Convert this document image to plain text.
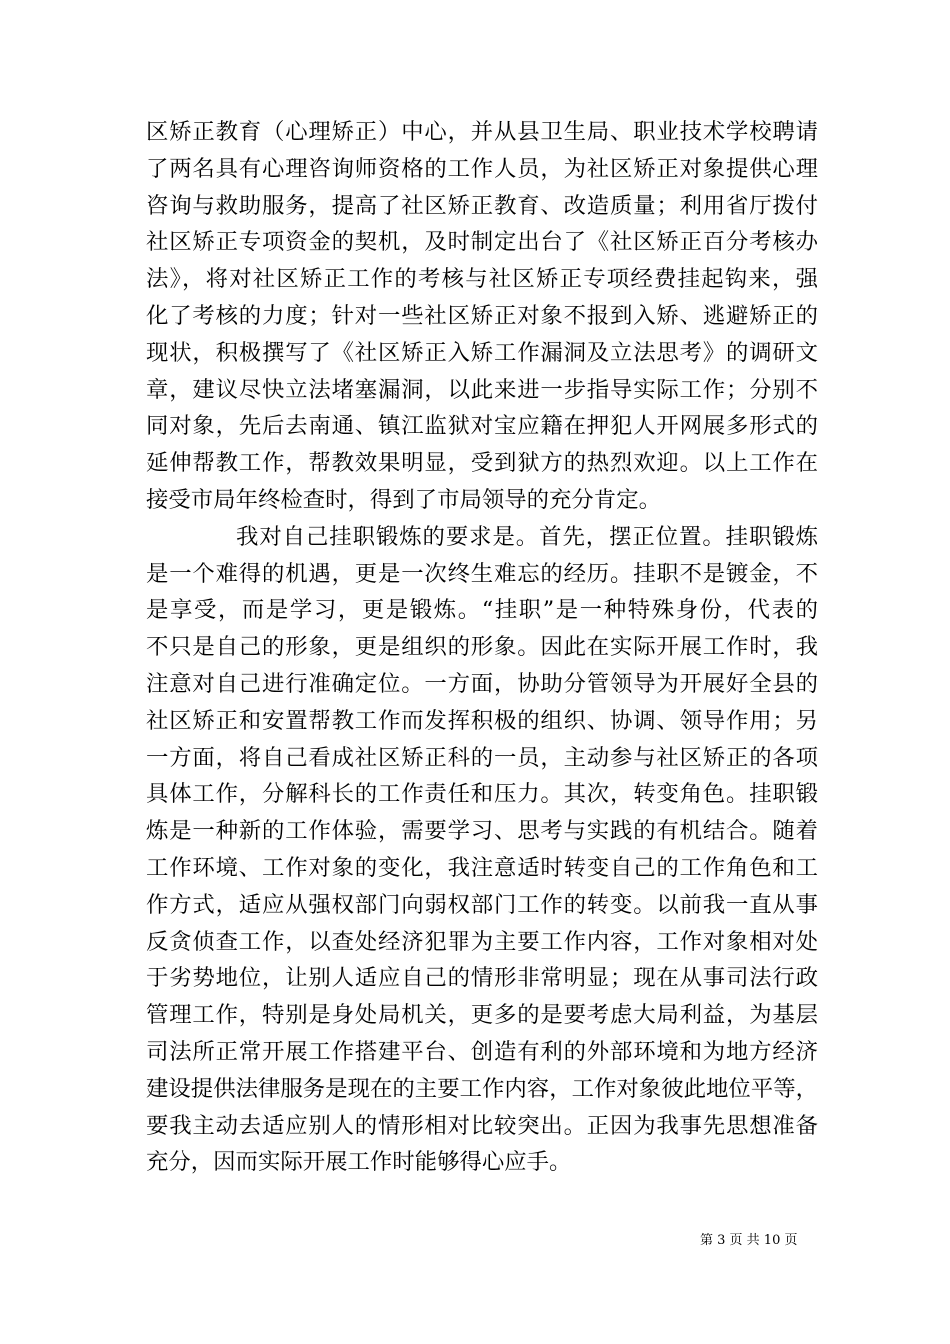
区矫正教育（心理矫正）中心，并从县卫生局、职业技术学校聘请
了两名具有心理咨询师资格的工作人员，为社区矫正对象提供心理
咨询与救助服务，提高了社区矫正教育、改造质量；利用省厅拨付
社区矫正专项资金的契机，及时制定出台了《社区矫正百分考核办
法》，将对社区矫正工作的考核与社区矫正专项经费挂起钩来，强
化了考核的力度；针对一些社区矫正对象不报到入矫、逃避矫正的
现状，积极撰写了《社区矫正入矫工作漏洞及立法思考》的调研文
章，建议尽快立法堵塞漏洞，以此来进一步指导实际工作；分别不
同对象，先后去南通、镇江监狱对宝应籍在押犯人开网展多形式的
延伸帮教工作，帮教效果明显，受到狱方的热烈欢迎。以上工作在
接受市局年终检查时，得到了市局领导的充分肯定。
我对自己挂职锻炼的要求是。首先，摆正位置。挂职锻炼
是一个难得的机遇，更是一次终生难忘的经历。挂职不是镀金，不
是享受，而是学习，更是锻炼。“挂职”是一种特殊身份，代表的
不只是自己的形象，更是组织的形象。因此在实际开展工作时，我
注意对自己进行准确定位。一方面，协助分管领导为开展好全县的
社区矫正和安置帮教工作而发挥积极的组织、协调、领导作用；另
一方面，将自己看成社区矫正科的一员，主动参与社区矫正的各项
具体工作，分解科长的工作责任和压力。其次，转变角色。挂职锻
炼是一种新的工作体验，需要学习、思考与实践的有机结合。随着
工作环境、工作对象的变化，我注意适时转变自己的工作角色和工
作方式，适应从强权部门向弱权部门工作的转变。以前我一直从事
反贪侦查工作，以查处经济犯罪为主要工作内容，工作对象相对处
于劣势地位，让别人适应自己的情形非常明显；现在从事司法行政
管理工作，特别是身处局机关，更多的是要考虑大局利益，为基层
司法所正常开展工作搭建平台、创造有利的外部环境和为地方经济
建设提供法律服务是现在的主要工作内容，工作对象彼此地位平等，
要我主动去适应别人的情形相对比较突出。正因为我事先思想准备
充分，因而实际开展工作时能够得心应手。
第 3 页 共 10 页
